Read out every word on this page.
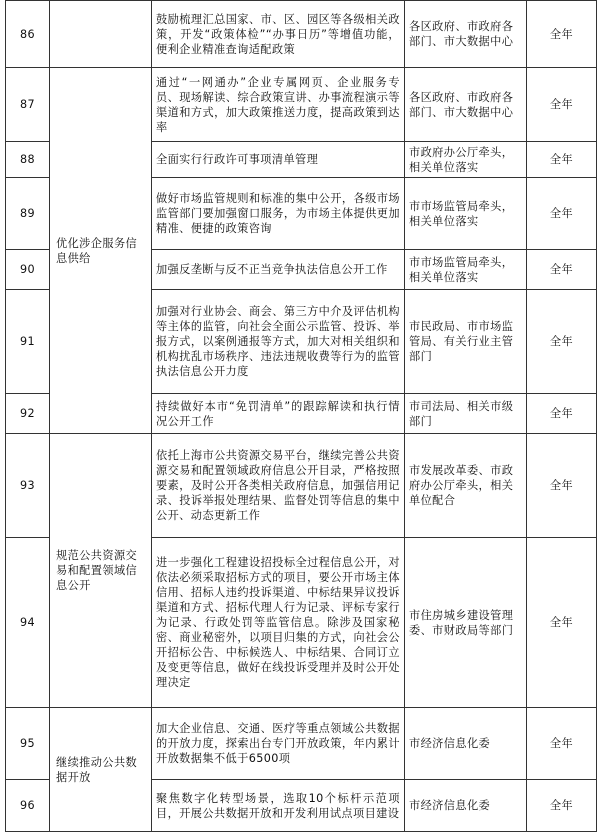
86		鼓励梳理汇总国家、市、区、园区等各级相关政策，开发“政策体检”“办事日历”等增值功能，便利企业精准查询适配政策	各区政府、市政府各部门、市大数据中心	全年
87	优化涉企服务信息供给	通过“一网通办”企业专属网页、企业服务专员、现场解读、综合政策宣讲、办事流程演示等渠道和方式，加大政策推送力度，提高政策到达率	各区政府、市政府各部门、市大数据中心	全年
88		全面实行行政许可事项清单管理	市政府办公厅牵头，相关单位落实	全年
89		做好市场监管规则和标准的集中公开，各级市场监管部门要加强窗口服务，为市场主体提供更加精准、便捷的政策咨询	市市场监管局牵头，相关单位落实	全年
90		加强反垄断与反不正当竞争执法信息公开工作	市市场监管局牵头，相关单位落实	全年
91		加强对行业协会、商会、第三方中介及评估机构等主体的监管，向社会全面公示监管、投诉、举报方式，以案例通报等方式，加大对相关组织和机构扰乱市场秩序、违法违规收费等行为的监管执法信息公开力度	市民政局、市市场监管局、有关行业主管部门	全年
92		持续做好本市“免罚清单”的跟踪解读和执行情况公开工作	市司法局、相关市级部门	全年
93	规范公共资源交易和配置领域信息公开	依托上海市公共资源交易平台，继续完善公共资源交易和配置领域政府信息公开目录，严格按照要素，及时公开各类相关政府信息，加强信用记录、投诉举报处理结果、监督处罚等信息的集中公开、动态更新工作	市发展改革委、市政府办公厅牵头，相关单位配合	全年
94		进一步强化工程建设招投标全过程信息公开，对依法必须采取招标方式的项目，要公开市场主体信用、招标人违约投诉渠道、中标结果异议投诉渠道和方式、招标代理人行为记录、评标专家行为记录、行政处罚等监管信息。除涉及国家秘密、商业秘密外，以项目归集的方式，向社会公开招标公告、中标候选人、中标结果、合同订立及变更等信息，做好在线投诉受理并及时公开处理决定	市住房城乡建设管理委、市财政局等部门	全年
95	继续推动公共数据开放	加大企业信息、交通、医疗等重点领域公共数据的开放力度，探索出台专门开放政策，年内累计开放数据集不低于6500项	市经济信息化委	全年
96		聚焦数字化转型场景，选取10个标杆示范项目，开展公共数据开放和开发利用试点项目建设	市经济信息化委	全年
